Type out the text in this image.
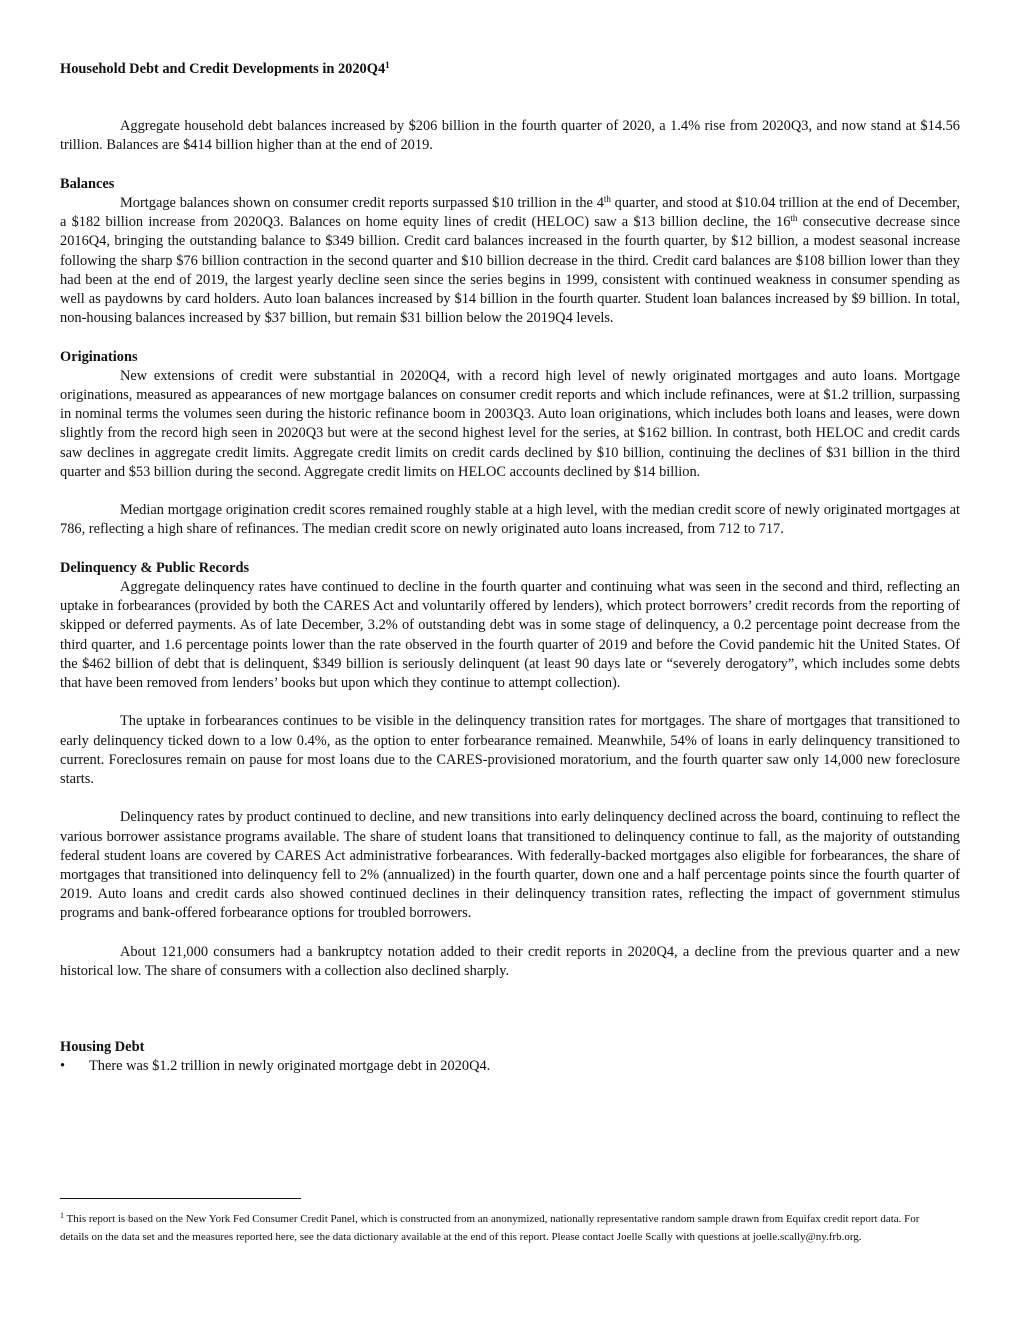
Household Debt and Credit Developments in $2020Q4^1$

Aggregate household debt balances increased by $206 billion in the fourth quarter of 2020, a 1.4% rise from 2020Q3, and now stand at $14.56 trillion. Balances are $414 billion higher than at the end of 2019.

Balances

Mortgage balances shown on consumer credit reports surpassed $10 trillion in the 4th quarter, and stood at $10.04 trillion at the end of December, a $182 billion increase from 2020Q3. Balances on home equity lines of credit (HELOC) saw a $13 billion decline, the 16th consecutive decrease since 2016Q4, bringing the outstanding balance to $349 billion. Credit card balances increased in the fourth quarter, by $12 billion, a modest seasonal increase following the sharp $76 billion contraction in the second quarter and $10 billion decrease in the third. Credit card balances are $108 billion lower than they had been at the end of 2019, the largest yearly decline seen since the series begins in 1999, consistent with continued weakness in consumer spending as well as paydowns by card holders. Auto loan balances increased by $14 billion in the fourth quarter. Student loan balances increased by $9 billion. In total, non-housing balances increased by $37 billion, but remain $31 billion below the 2019Q4 levels.

Originations

New extensions of credit were substantial in 2020Q4, with a record high level of newly originated mortgages and auto loans. Mortgage originations, measured as appearances of new mortgage balances on consumer credit reports and which include refinances, were at $1.2 trillion, surpassing in nominal terms the volumes seen during the historic refinance boom in 2003Q3. Auto loan originations, which includes both loans and leases, were down slightly from the record high seen in 2020Q3 but were at the second highest level for the series, at $162 billion. In contrast, both HELOC and credit cards saw declines in aggregate credit limits. Aggregate credit limits on credit cards declined by $10 billion, continuing the declines of $31 billion in the third quarter and $53 billion during the second. Aggregate credit limits on HELOC accounts declined by $14 billion.

Median mortgage origination credit scores remained roughly stable at a high level, with the median credit score of newly originated mortgages at 786, reflecting a high share of refinances. The median credit score on newly originated auto loans increased, from 712 to 717.

Delinquency & Public Records

Aggregate delinquency rates have continued to decline in the fourth quarter and continuing what was seen in the second and third, reflecting an uptake in forbearances (provided by both the CARES Act and voluntarily offered by lenders), which protect borrowers’ credit records from the reporting of skipped or deferred payments. As of late December, 3.2% of outstanding debt was in some stage of delinquency, a 0.2 percentage point decrease from the third quarter, and 1.6 percentage points lower than the rate observed in the fourth quarter of 2019 and before the Covid pandemic hit the United States. Of the $462 billion of debt that is delinquent, $349 billion is seriously delinquent (at least 90 days late or “severely derogatory”, which includes some debts that have been removed from lenders’ books but upon which they continue to attempt collection).

The uptake in forbearances continues to be visible in the delinquency transition rates for mortgages. The share of mortgages that transitioned to early delinquency ticked down to a low 0.4%, as the option to enter forbearance remained. Meanwhile, 54% of loans in early delinquency transitioned to current. Foreclosures remain on pause for most loans due to the CARES-provisioned moratorium, and the fourth quarter saw only 14,000 new foreclosure starts.

Delinquency rates by product continued to decline, and new transitions into early delinquency declined across the board, continuing to reflect the various borrower assistance programs available. The share of student loans that transitioned to delinquency continue to fall, as the majority of outstanding federal student loans are covered by CARES Act administrative forbearances. With federally-backed mortgages also eligible for forbearances, the share of mortgages that transitioned into delinquency fell to 2% (annualized) in the fourth quarter, down one and a half percentage points since the fourth quarter of 2019. Auto loans and credit cards also showed continued declines in their delinquency transition rates, reflecting the impact of government stimulus programs and bank-offered forbearance options for troubled borrowers.

About 121,000 consumers had a bankruptcy notation added to their credit reports in 2020Q4, a decline from the previous quarter and a new historical low. The share of consumers with a collection also declined sharply.

Housing Debt

• There was $1.2 trillion in newly originated mortgage debt in 2020Q4.
$^1$ This report is based on the New York Fed Consumer Credit Panel, which is constructed from an anonymized, nationally representative random sample drawn from Equifax credit report data. For details on the data set and the measures reported here, see the data dictionary available at the end of this report. Please contact Joelle Scally with questions at joelle.scally@ny.frb.org.
